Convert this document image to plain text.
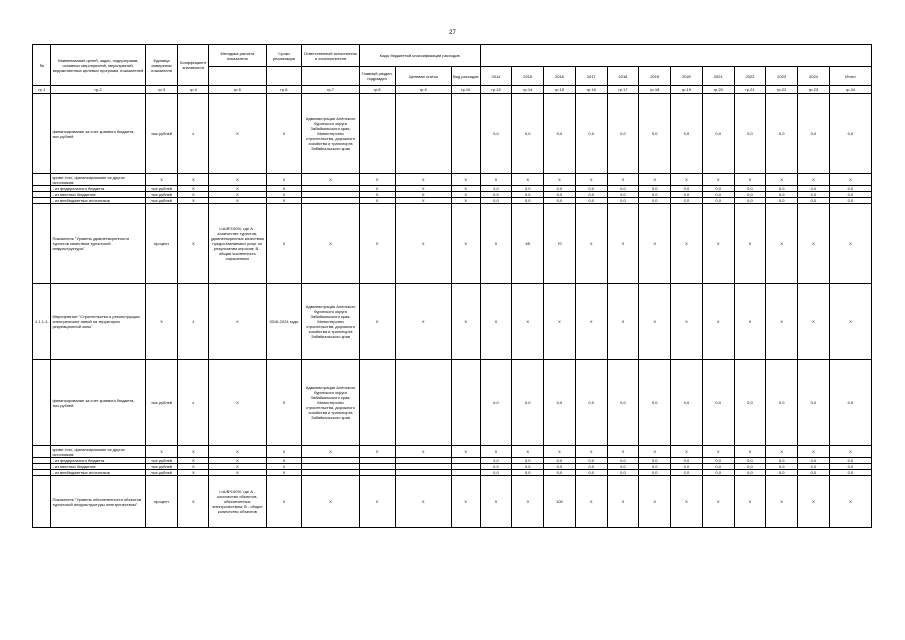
27
№	Наименование целей, задач, подпрограмм, основных мероприятий, мероприятий, ведомственных целевых программ, показателей	Единица измерения показателя	Коэффициент значимости	Методика расчета показателя	Сроки реализации	Ответственный исполнитель и соисполнители	Коды бюджетной классификации расходов														
							Главный раздел, подраздел	Целевая статья	Вид расходов	2014	2015	2016	2017	2018	2019	2020	2021	2022	2023	2024	Итого
гр.1	гр.2	гр.3	гр.4	гр.5	гр.6	гр.7	гр.8	гр.9	гр.10	гр.13	гр.14	гр.15	гр.16	гр.17	гр.18	гр.19	гр.20	гр.21	гр.22	гр.23	гр.24
	финансирование за счет краевого бюджета, тыс.рублей	тыс.рублей	х	Х	Х	Администрация Аленского бурятского округа Забайкальского края, Министерство строительства, дорожного хозяйства и транспорта Забайкальского края				0,0	0,0	0,0	0,0	0,0	0,0	0,0	0,0	0,0	0,0	0,0	0,0
	кроме того, финансирование из других источников:	Х	Х	Х	Х	Х	Х	Х	Х	Х	Х	Х	Х	Х	Х	Х	Х	Х	Х	Х	Х
	- из федерального бюджета	тыс.рублей	Х	Х	Х		Х	Х	Х	0,0	0,0	0,0	0,0	0,0	0,0	0,0	0,0	0,0	0,0	0,0	0,0
	- из местных бюджетов	тыс.рублей	Х	Х	Х		Х	Х	Х	0,0	0,0	0,0	0,0	0,0	0,0	0,0	0,0	0,0	0,0	0,0	0,0
	- из внебюджетных источников	тыс.рублей	Х	Х	Х		Х	Х	Х	0,0	0,0	0,0	0,0	0,0	0,0	0,0	0,0	0,0	0,0	0,0	0,0
	Показатель "Уровень удовлетворенности туристов качеством туристской инфраструктуры"	процент	Х	I=A/B*100%, где А - количество туристов, удовлетворенных качеством предоставляемых услуг по результатам опросов; B - общая численность опрошенных	Х	Х	Х	Х	Х	Х	65	70	Х	Х	Х	Х	Х	Х	Х	Х	Х
1.1.1.1.	Мероприятие "Строительство и реконструкция электрических линий на территории рекреационной зоны"	Х	1	Х	2016-2024 годы	Администрация Аленского бурятского округа Забайкальского края, Министерство строительства, дорожного хозяйства и транспорта Забайкальского края	Х	Х	Х	Х	Х	Х	Х	Х	Х	Х	Х	Х	Х	Х	Х
	финансирование за счет краевого бюджета, тыс.рублей	тыс.рублей	х	Х	Х	Администрация Аленского бурятского округа Забайкальского края, Министерство строительства, дорожного хозяйства и транспорта Забайкальского края				0,0	0,0	0,0	0,0	0,0	0,0	0,0	0,0	0,0	0,0	0,0	0,0
	кроме того, финансирование из других источников:	Х	Х	Х	Х	Х	Х	Х	Х	Х	Х	Х	Х	Х	Х	Х	Х	Х	Х	Х	Х
	- из федерального бюджета	тыс.рублей	Х	Х	Х					0,0	0,0	0,0	0,0	0,0	0,0	0,0	0,0	0,0	0,0	0,0	0,0
	- из местных бюджетов	тыс.рублей	Х	Х	Х					0,0	0,0	0,0	0,0	0,0	0,0	0,0	0,0	0,0	0,0	0,0	0,0
	- из внебюджетных источников	тыс.рублей	Х	Х	Х					0,0	0,0	0,0	0,0	0,0	0,0	0,0	0,0	0,0	0,0	0,0	0,0
	Показатель "Уровень обеспеченности объектов туристской инфраструктуры электричеством"	процент	Х	I=A/B*100%, где А - количество объектов, обеспеченных электричеством; B - общее количество объектов	Х	Х	Х	Х	Х	Х	0	100	Х	Х	Х	Х	Х	Х	Х	Х	Х
